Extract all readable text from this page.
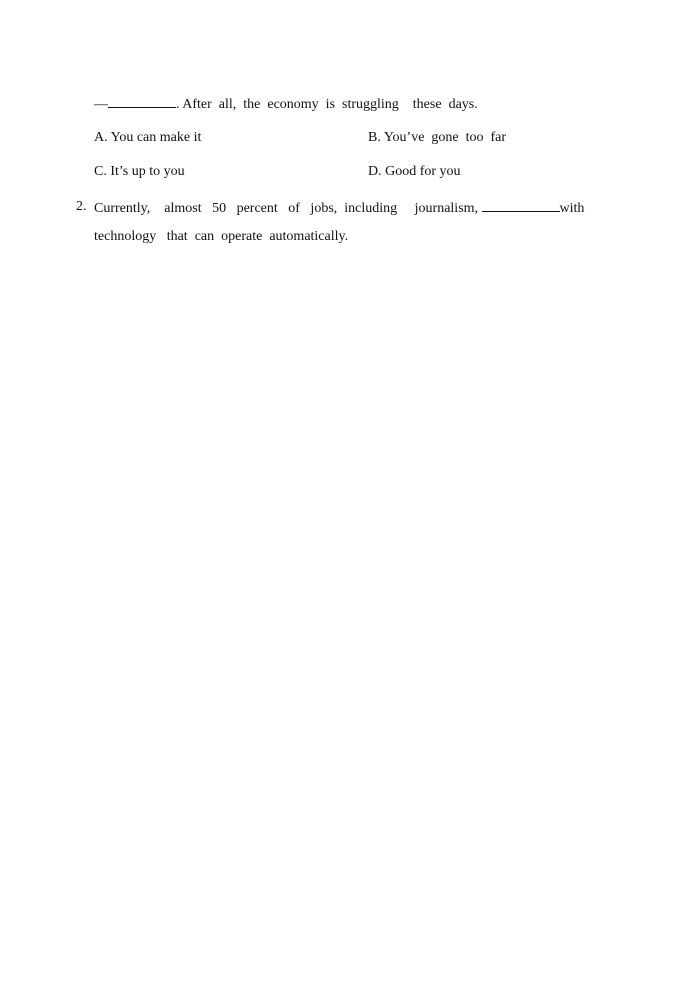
—	. After  all,  the  economy  is  struggling    these  days.
A. You can make it	B. You’ve  gone  too  far
C. It’s up to you	D. Good for you
2. Currently,    almost   50   percent   of   jobs,  including     journalism,	with
technology   that  can  operate  automatically.
